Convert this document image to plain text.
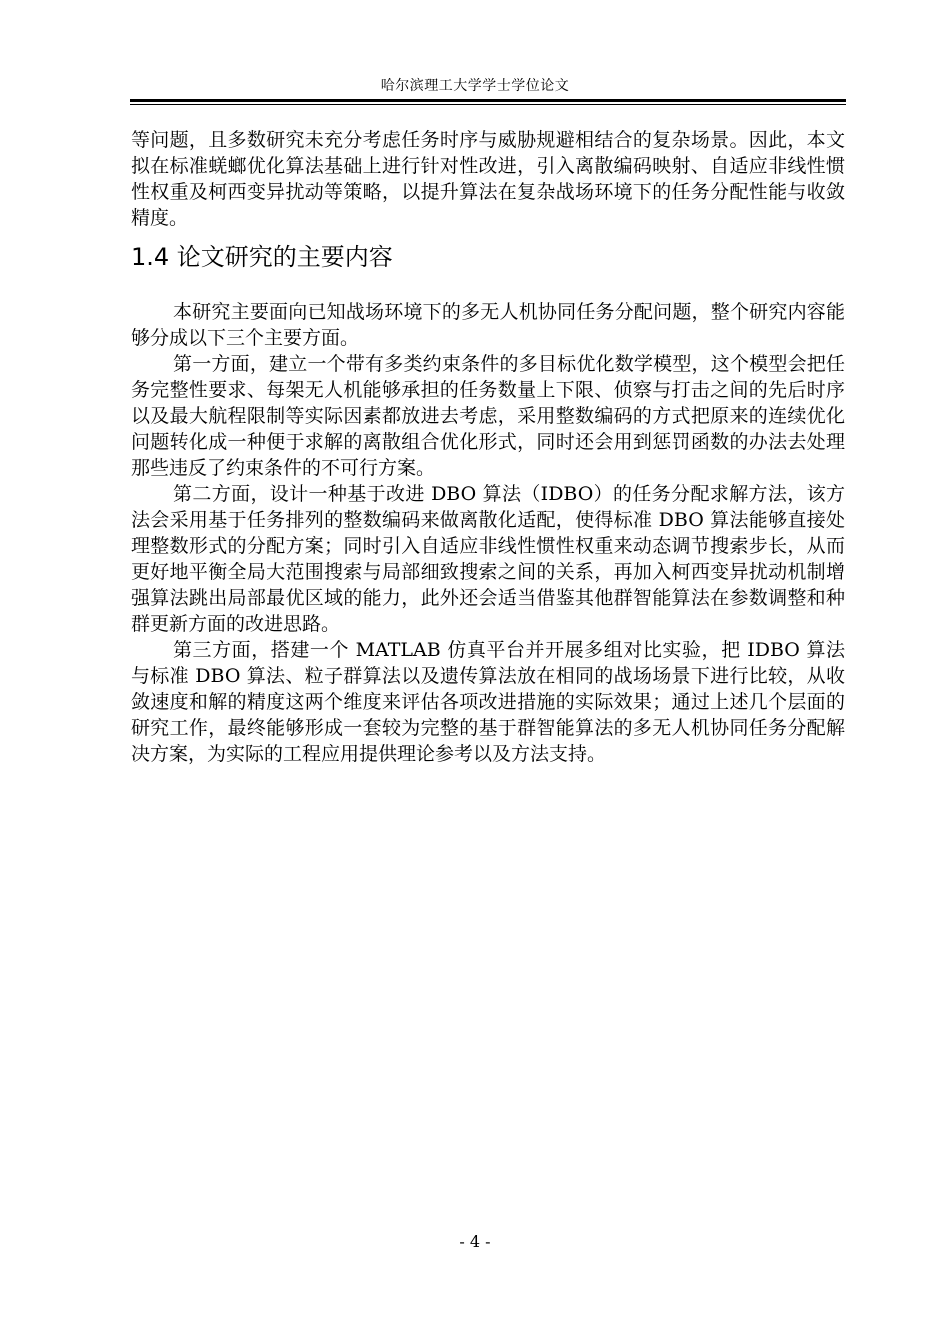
哈尔滨理工大学学士学位论文

等问题，且多数研究未充分考虑任务时序与威胁规避相结合的复杂场景。因此，本文拟在标准蜣螂优化算法基础上进行针对性改进，引入离散编码映射、自适应非线性惯性权重及柯西变异扰动等策略，以提升算法在复杂战场环境下的任务分配性能与收敛精度。

1.4 论文研究的主要内容

本研究主要面向已知战场环境下的多无人机协同任务分配问题，整个研究内容能够分成以下三个主要方面。

第一方面，建立一个带有多类约束条件的多目标优化数学模型，这个模型会把任务完整性要求、每架无人机能够承担的任务数量上下限、侦察与打击之间的先后时序以及最大航程限制等实际因素都放进去考虑，采用整数编码的方式把原来的连续优化问题转化成一种便于求解的离散组合优化形式，同时还会用到惩罚函数的办法去处理那些违反了约束条件的不可行方案。

第二方面，设计一种基于改进 DBO 算法（IDBO）的任务分配求解方法，该方法会采用基于任务排列的整数编码来做离散化适配，使得标准 DBO 算法能够直接处理整数形式的分配方案；同时引入自适应非线性惯性权重来动态调节搜索步长，从而更好地平衡全局大范围搜索与局部细致搜索之间的关系，再加入柯西变异扰动机制增强算法跳出局部最优区域的能力，此外还会适当借鉴其他群智能算法在参数调整和种群更新方面的改进思路。

第三方面，搭建一个 MATLAB 仿真平台并开展多组对比实验，把 IDBO 算法与标准 DBO 算法、粒子群算法以及遗传算法放在相同的战场场景下进行比较，从收敛速度和解的精度这两个维度来评估各项改进措施的实际效果；通过上述几个层面的研究工作，最终能够形成一套较为完整的基于群智能算法的多无人机协同任务分配解决方案，为实际的工程应用提供理论参考以及方法支持。

- 4 -
